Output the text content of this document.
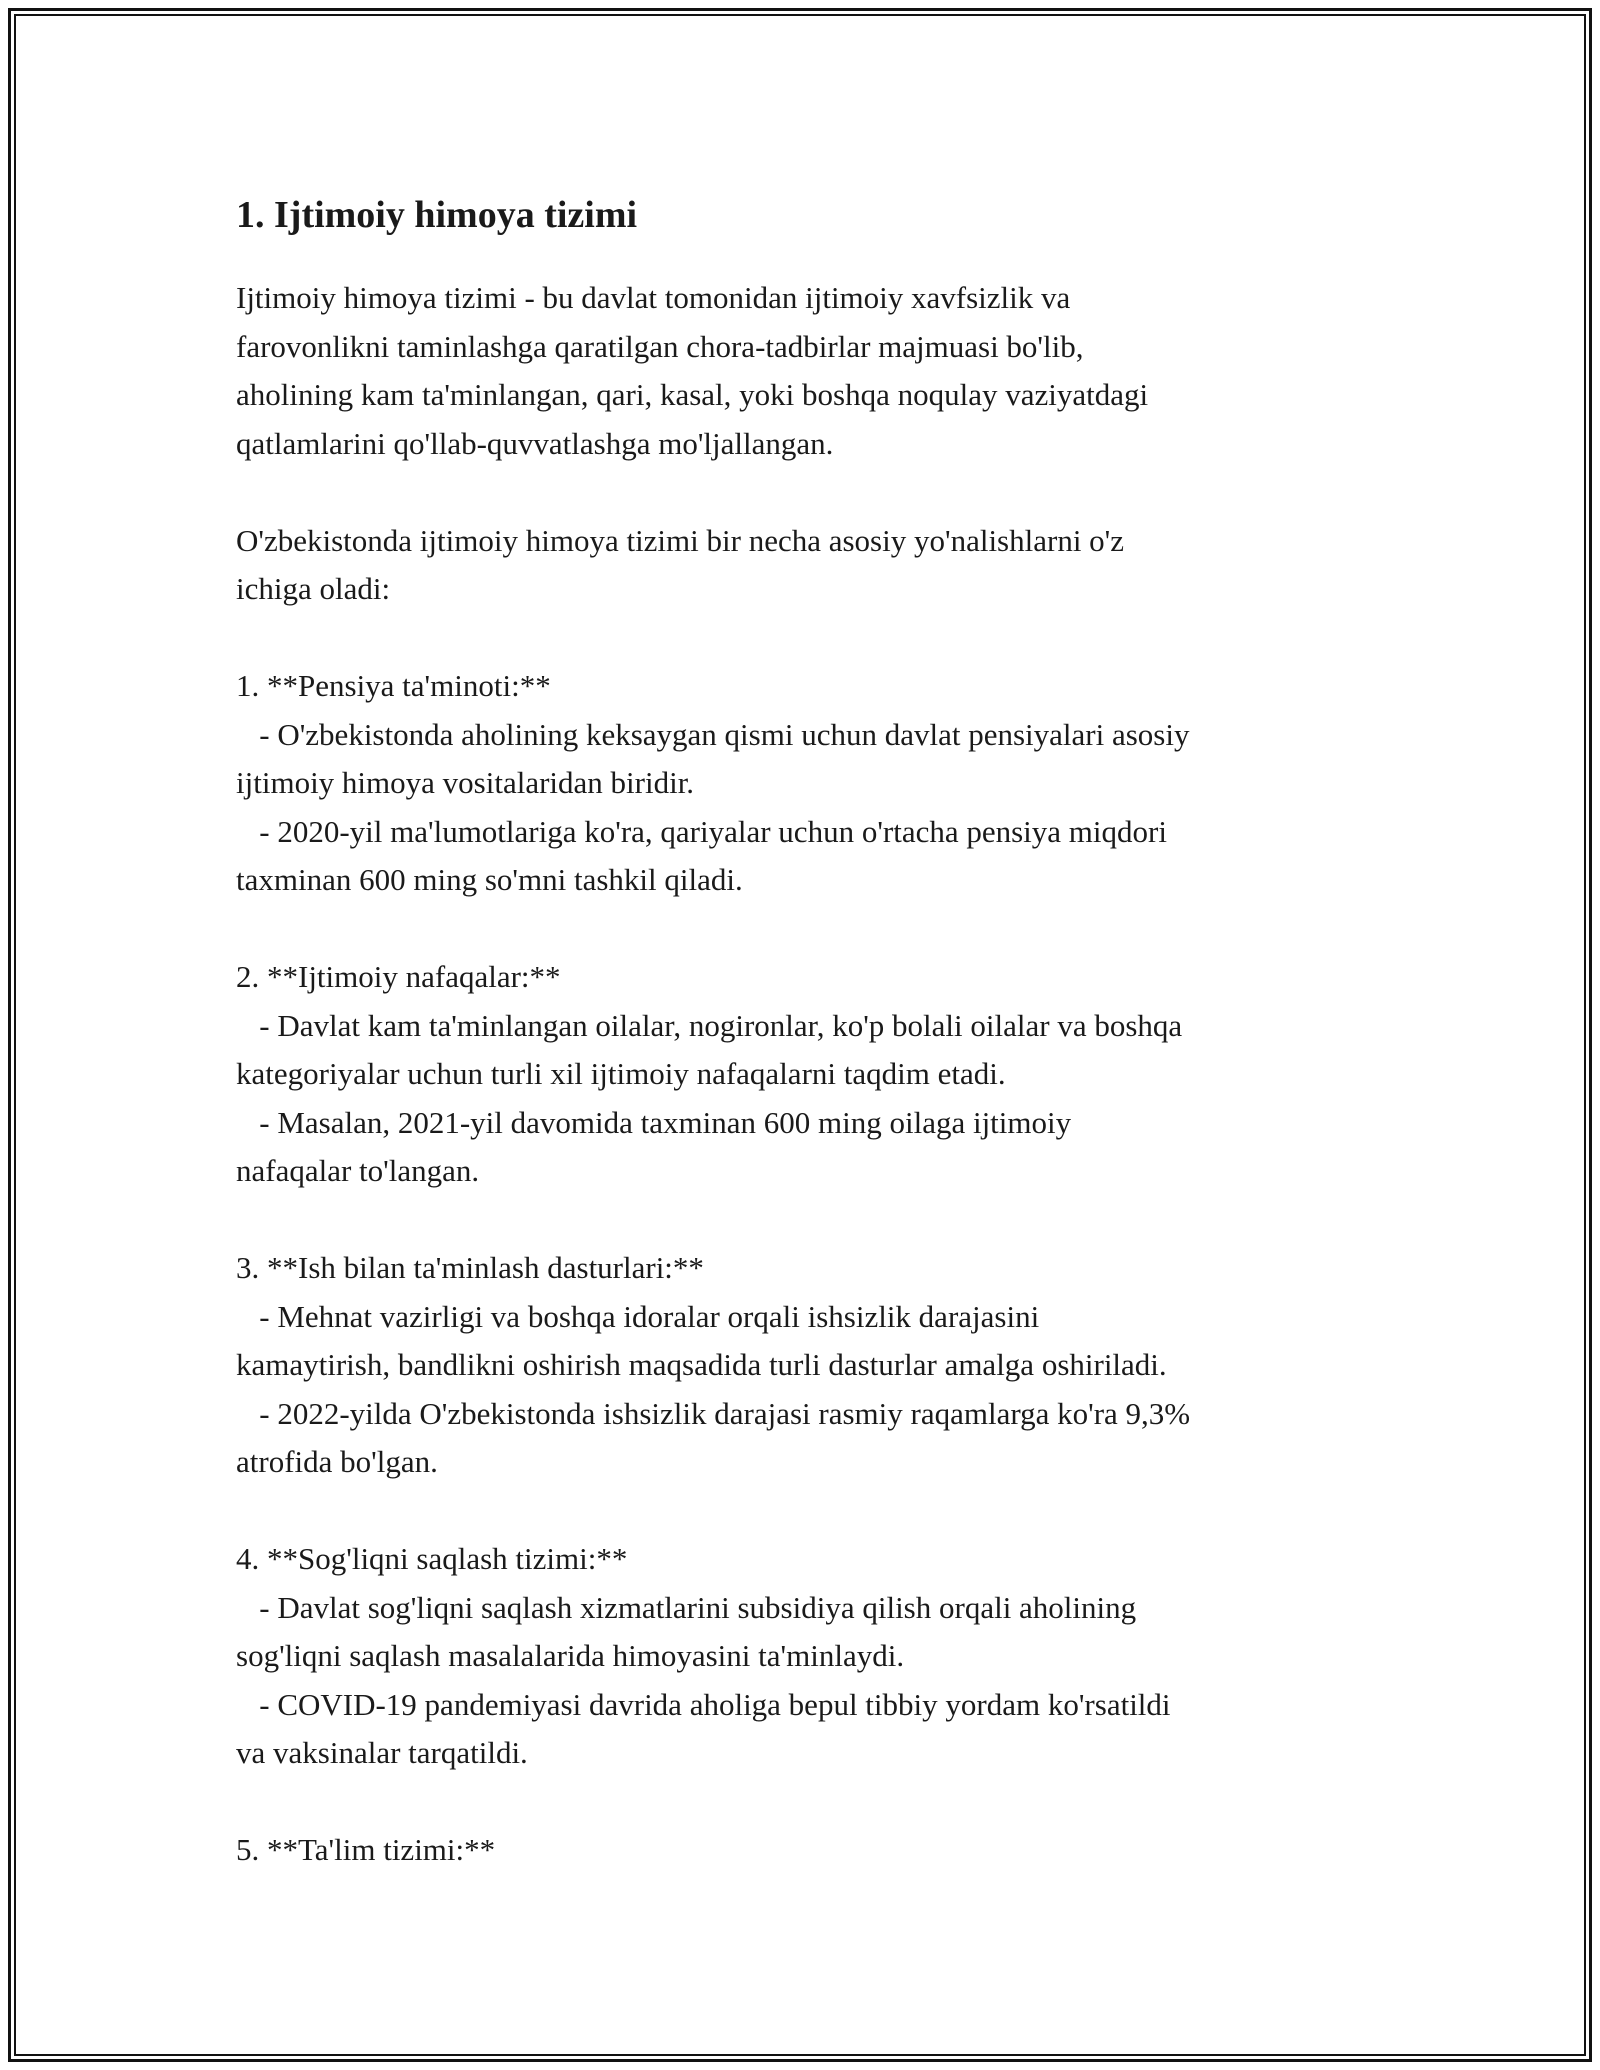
1. Ijtimoiy himoya tizimi

Ijtimoiy himoya tizimi - bu davlat tomonidan ijtimoiy xavfsizlik va
farovonlikni taminlashga qaratilgan chora-tadbirlar majmuasi bo'lib,
aholining kam ta'minlangan, qari, kasal, yoki boshqa noqulay vaziyatdagi
qatlamlarini qo'llab-quvvatlashga mo'ljallangan.

O'zbekistonda ijtimoiy himoya tizimi bir necha asosiy yo'nalishlarni o'z
ichiga oladi:

1. **Pensiya ta'minoti:**

- O'zbekistonda aholining keksaygan qismi uchun davlat pensiyalari asosiy
ijtimoiy himoya vositalaridan biridir.

- 2020-yil ma'lumotlariga ko'ra, qariyalar uchun o'rtacha pensiya miqdori
taxminan 600 ming so'mni tashkil qiladi.

2. **Ijtimoiy nafaqalar:**

- Davlat kam ta'minlangan oilalar, nogironlar, ko'p bolali oilalar va boshqa
kategoriyalar uchun turli xil ijtimoiy nafaqalarni taqdim etadi.

- Masalan, 2021-yil davomida taxminan 600 ming oilaga ijtimoiy
nafaqalar to'langan.

3. **Ish bilan ta'minlash dasturlari:**

- Mehnat vazirligi va boshqa idoralar orqali ishsizlik darajasini
kamaytirish, bandlikni oshirish maqsadida turli dasturlar amalga oshiriladi.

- 2022-yilda O'zbekistonda ishsizlik darajasi rasmiy raqamlarga ko'ra 9,3%
atrofida bo'lgan.

4. **Sog'liqni saqlash tizimi:**

- Davlat sog'liqni saqlash xizmatlarini subsidiya qilish orqali aholining
sog'liqni saqlash masalalarida himoyasini ta'minlaydi.

- COVID-19 pandemiyasi davrida aholiga bepul tibbiy yordam ko'rsatildi
va vaksinalar tarqatildi.

5. **Ta'lim tizimi:**
